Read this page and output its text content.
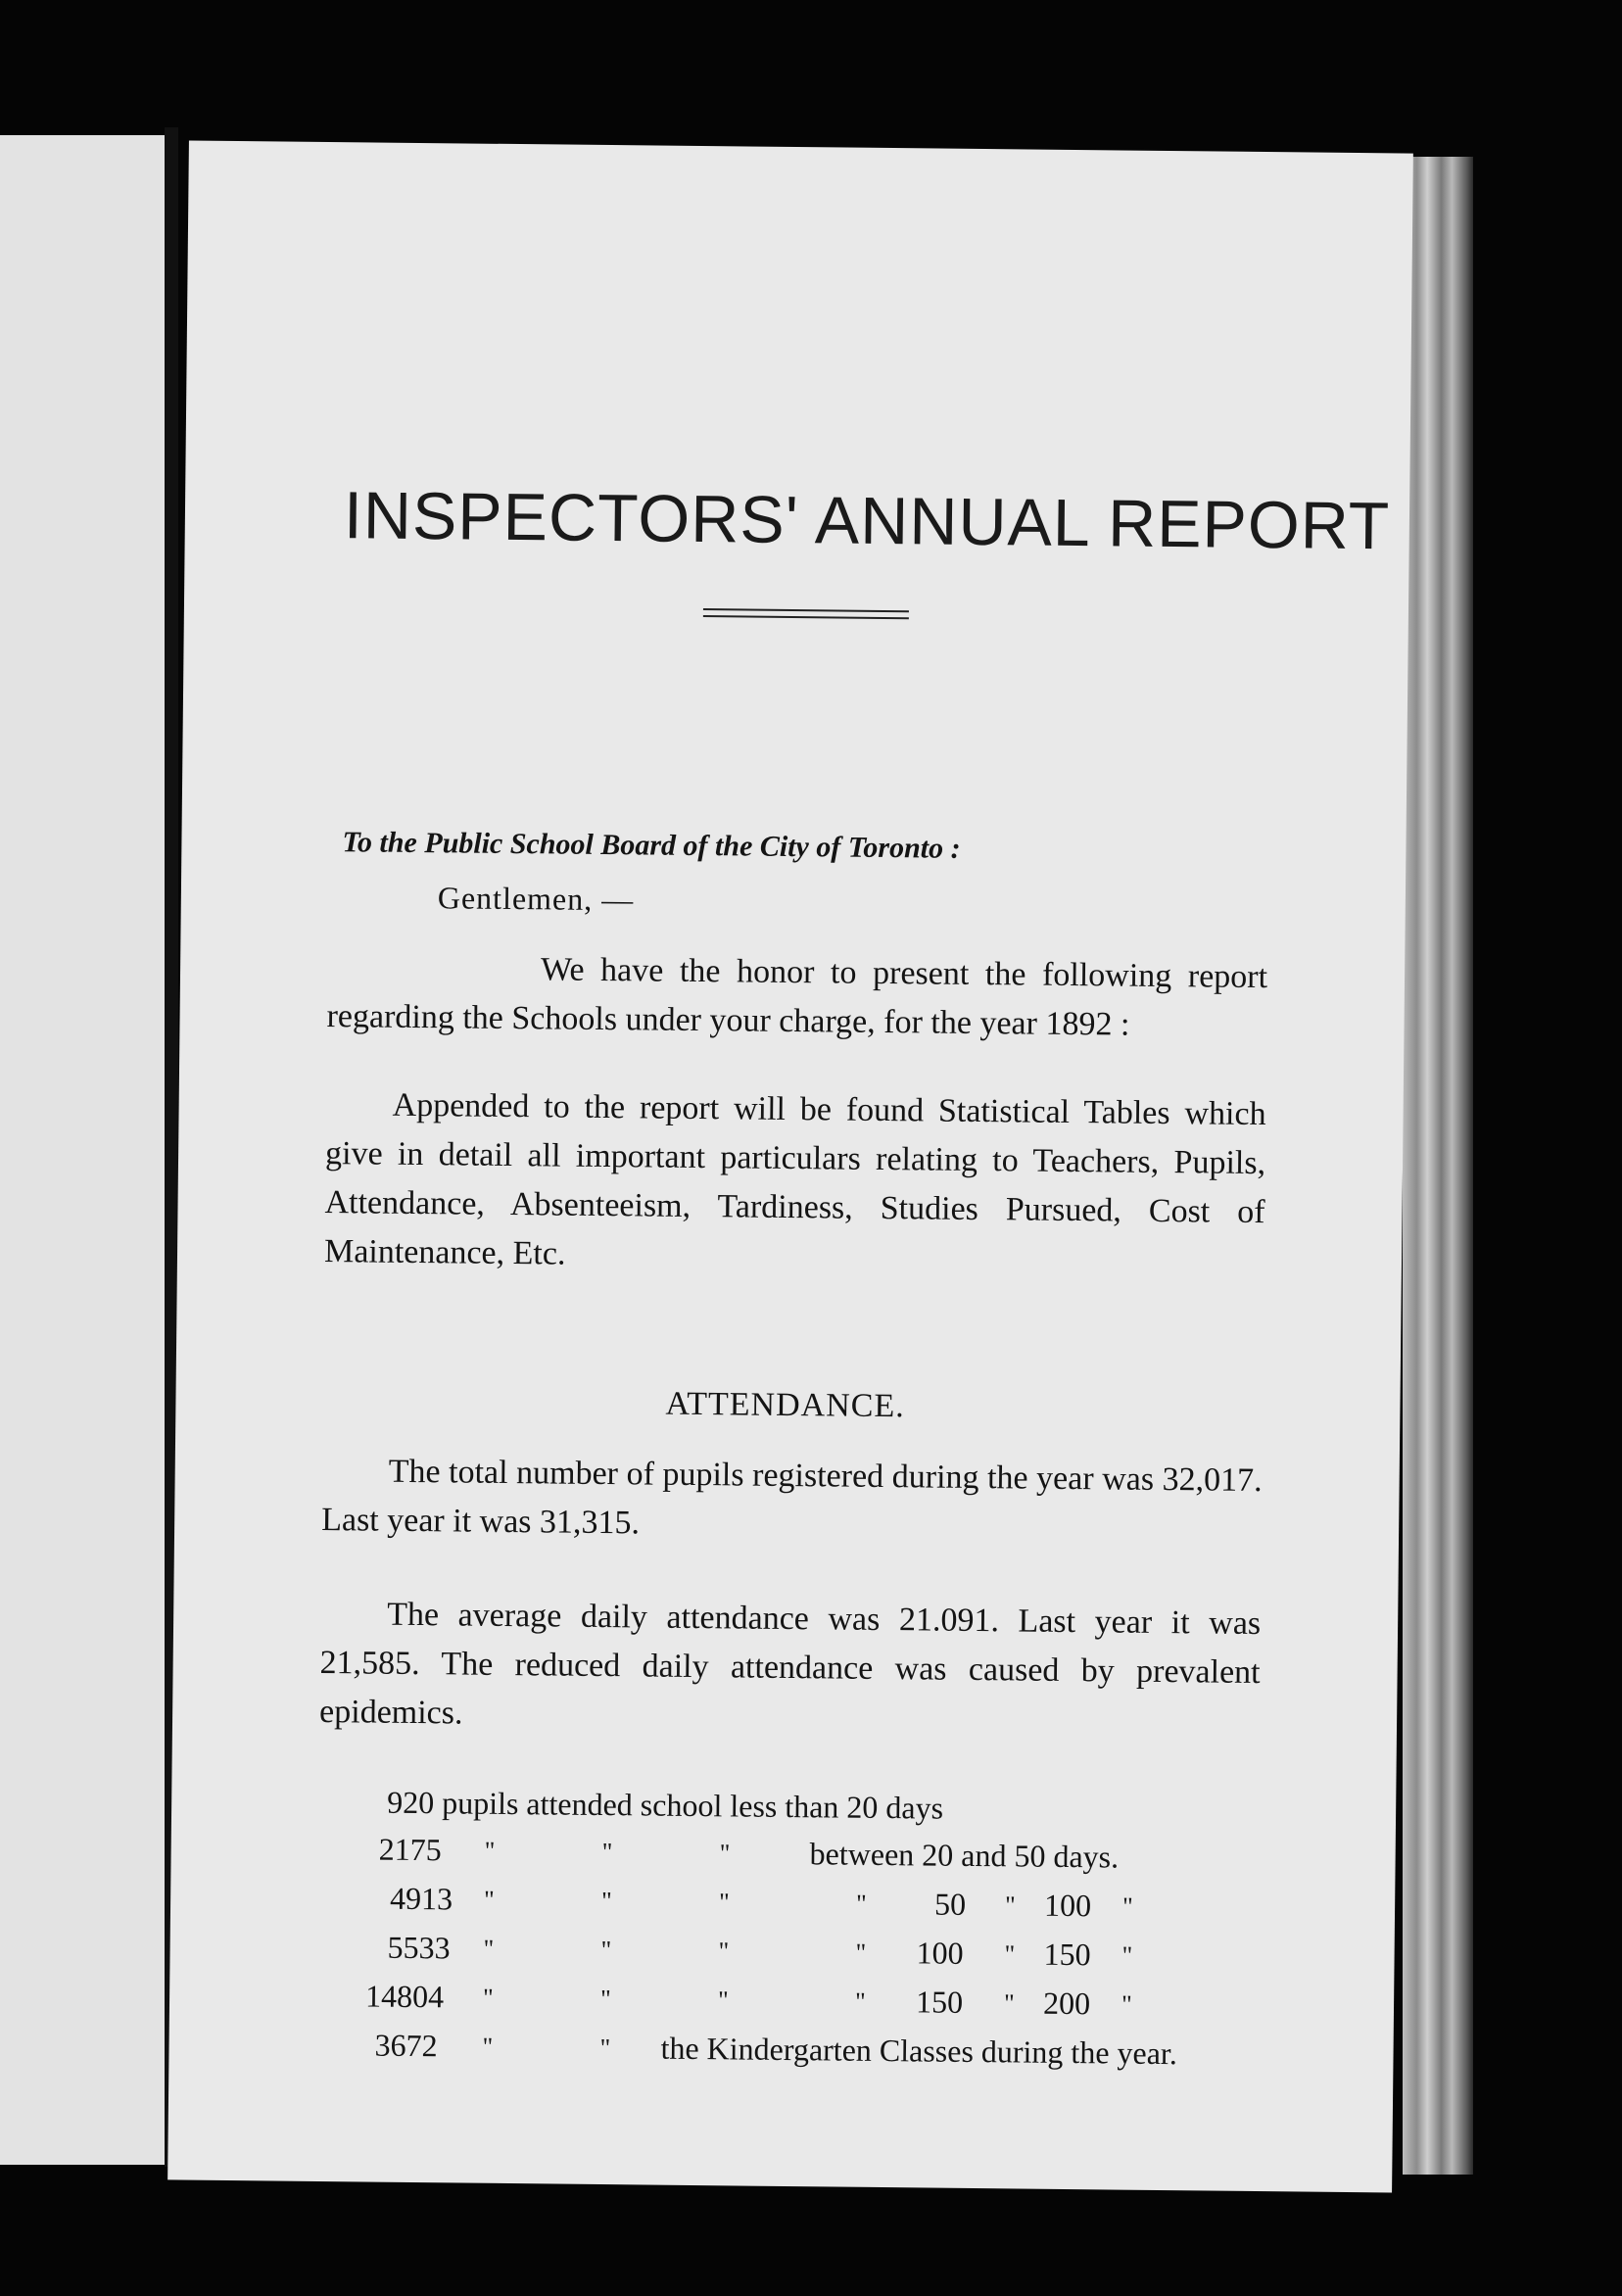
INSPECTORS' ANNUAL REPORT
To the Public School Board of the City of Toronto :
Gentlemen, —

We have the honor to present the following report regarding the Schools under your charge, for the year 1892 :

Appended to the report will be found Statistical Tables which give in detail all important particulars relating to Teachers, Pupils, Attendance, Absenteeism, Tardiness, Studies Pursued, Cost of Maintenance, Etc.

ATTENDANCE.

The total number of pupils registered during the year was 32,017. Last year it was 31,315.

The average daily attendance was 21.091. Last year it was 21,585. The reduced daily attendance was caused by prevalent epidemics.

920 pupils attended school less than 20 days
2175 "	"	"	between 20 and 50 days.
4913 "	"	"	" 50 " 100 "
5533 "	"	"	" 100 " 150 "
14804 "	"	"	" 150 " 200 "
3672 "	" the Kindergarten Classes during the year.
